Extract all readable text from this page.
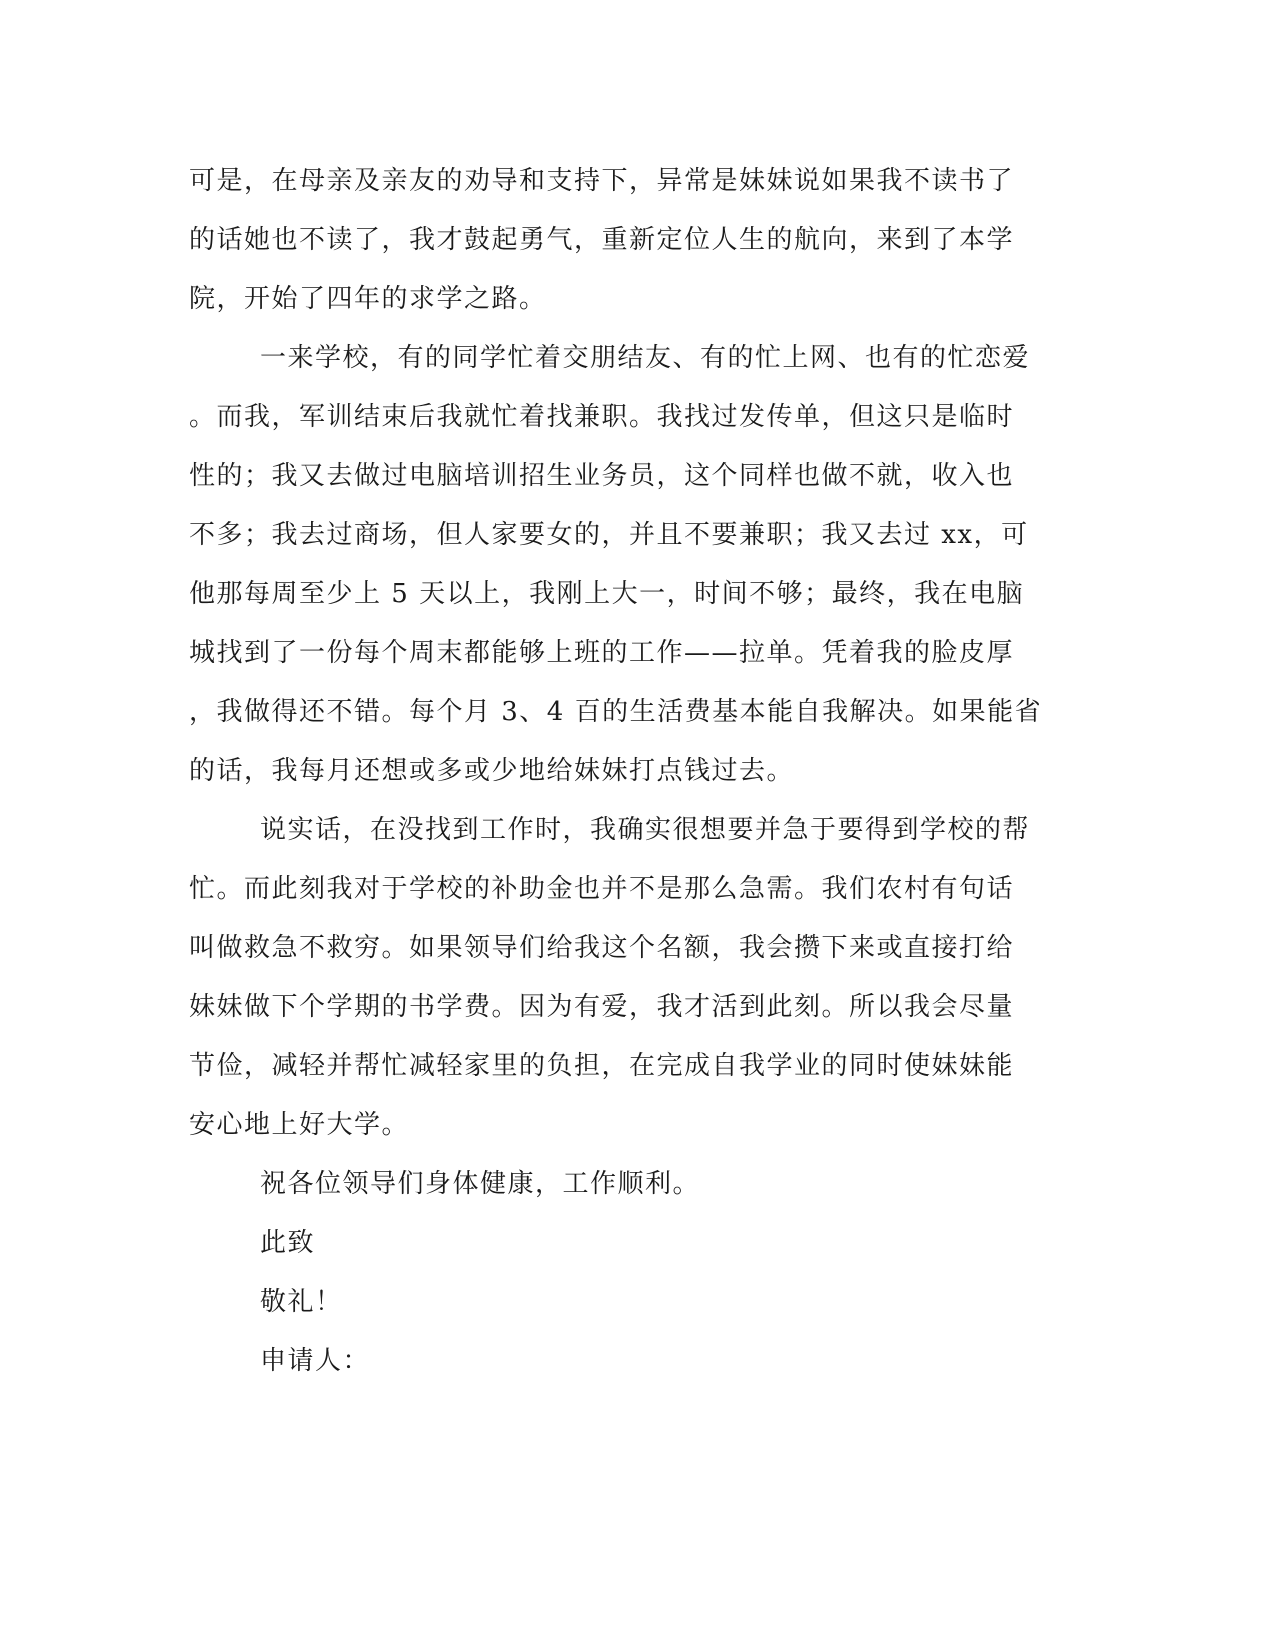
可是，在母亲及亲友的劝导和支持下，异常是妹妹说如果我不读书了
的话她也不读了，我才鼓起勇气，重新定位人生的航向，来到了本学
院，开始了四年的求学之路。
一来学校，有的同学忙着交朋结友、有的忙上网、也有的忙恋爱
。而我，军训结束后我就忙着找兼职。我找过发传单，但这只是临时
性的；我又去做过电脑培训招生业务员，这个同样也做不就，收入也
不多；我去过商场，但人家要女的，并且不要兼职；我又去过 xx，可
他那每周至少上 5 天以上，我刚上大一，时间不够；最终，我在电脑
城找到了一份每个周末都能够上班的工作——拉单。凭着我的脸皮厚
，我做得还不错。每个月 3、4 百的生活费基本能自我解决。如果能省
的话，我每月还想或多或少地给妹妹打点钱过去。
说实话，在没找到工作时，我确实很想要并急于要得到学校的帮
忙。而此刻我对于学校的补助金也并不是那么急需。我们农村有句话
叫做救急不救穷。如果领导们给我这个名额，我会攒下来或直接打给
妹妹做下个学期的书学费。因为有爱，我才活到此刻。所以我会尽量
节俭，减轻并帮忙减轻家里的负担，在完成自我学业的同时使妹妹能
安心地上好大学。
祝各位领导们身体健康，工作顺利。
此致
敬礼！
申请人：
